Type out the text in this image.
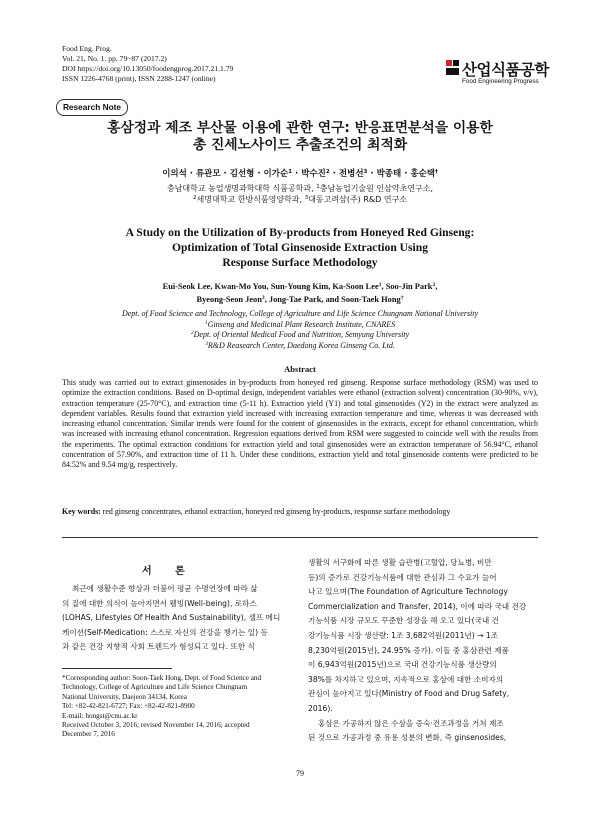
Food Eng. Prog.
Vol. 21, No. 1. pp. 79~87 (2017.2)
DOI https://doi.org/10.13050/foodengprog.2017.21.1.79
ISSN 1226-4768 (print), ISSN 2288-1247 (online)	산업식품공학
Food Engineering Progress
Research Note
홍삼정과 제조 부산물 이용에 관한 연구: 반응표면분석을 이용한
총 진세노사이드 추출조건의 최적화
이의석 · 류관모 · 김선형 · 이가순$^1$ · 박수진$^2$ · 전병선$^3$ · 박종태 · 홍순택†
충남대학교 농업생명과학대학 식품공학과, $^1$충남농업기술원 인삼약초연구소,
$^2$세명대학교 한방식품영양학과, $^3$대동고려삼(주) R&D 연구소
A Study on the Utilization of By-products from Honeyed Red Ginseng:
Optimization of Total Ginsenoside Extraction Using
Response Surface Methodology
Eui-Seok Lee, Kwan-Mo You, Sun-Young Kim, Ka-Soon Lee$^1$, Soo-Jin Park$^2$,
Byeong-Seon Jeon$^3$, Jong-Tae Park, and Soon-Taek Hong†
Dept. of Food Science and Technology, College of Agriculture and Life Science Chungnam National University
$^1$Ginseng and Medicinal Plant Research Institute, CNARES
$^2$Dept. of Oriental Medical Food and Nutrition, Semyung University
$^3$R&D Reasearch Center, Daedong Korea Ginseng Co. Ltd.
Abstract
This study was carried out to extract ginsenosides in by-products from honeyed red ginseng. Response surface methodology (RSM) was used to optimize the extraction conditions. Based on D-optimal design, independent variables were ethanol (extraction solvent) concentration (30-90%, v/v), extraction temperature (25-70°C), and extraction time (5-11 h). Extraction yield (Y1) and total ginsenosides (Y2) in the extract were analyzed as dependent variables. Results found that extraction yield increased with increasing extraction temperature and time, whereas it was decreased with increasing ethanol concentration. Similar trends were found for the content of ginsenosides in the extracts, except for ethanol concentration, which was increased with increasing ethanol concentration. Regression equations derived from RSM were suggested to coincide well with the results from the experiments. The optimal extraction conditions for extraction yield and total ginsenosides were an extraction temperature of 56.94°C, ethanol concentration of 57.90%, and extraction time of 11 h. Under these conditions, extraction yield and total ginsenoside contents were predicted to be 84.52% and 9.54 mg/g, respectively.
Key words: red ginseng concentrates, ethanol extraction, honeyed red ginseng by-products, response surface methodology
서 론
최근에 생활수준 향상과 더불어 평균 수명연장에 따라 삶
의 질에 대한 의식이 높아지면서 웰빙(Well-being), 로하스
(LOHAS, Lifestyles Of Health And Sustainability), 셀프 메디
케이션(Self-Medication: 스스로 자신의 건강을 챙기는 일) 등
과 같은 건강 지향적 사회 트렌드가 형성되고 있다. 또한 식
*Corresponding author: Soon-Taek Hong, Dept. of Food Science and
Technology, College of Agriculture and Life Science Chungnam
National University, Daejeon 34134, Korea
Tel: +82-42-821-6727; Fax: +82-42-821-8900
E-mail: hongst@cnu.ac.kr
Received October 3, 2016; revised November 14, 2016; accepted
December 7, 2016
생활의 서구화에 따른 생활 습관병(고혈압, 당뇨병, 비만
등)의 증가로 건강기능식품에 대한 관심과 그 수요가 늘어
나고 있으며(The Foundation of Agriculture Technology
Commercialization and Transfer, 2014), 이에 따라 국내 건강
기능식품 시장 규모도 꾸준한 성장을 해 오고 있다(국내 건
강기능식품 시장 생산량: 1조 3,682억원(2011년) → 1조
8,230억원(2015년), 24.95% 증가). 이들 중 홍삼관련 제품
이 6,943억원(2015년)으로 국내 건강기능식품 생산량의
38%를 차지하고 있으며, 지속적으로 홍삼에 대한 소비자의
관심이 높아지고 있다(Ministry of Food and Drug Safety,
2016).
홍삼은 가공하지 않은 수삼을 증숙·건조과정을 거쳐 제조
된 것으로 가공과정 중 유용 성분의 변화, 즉 ginsenosides,
79
